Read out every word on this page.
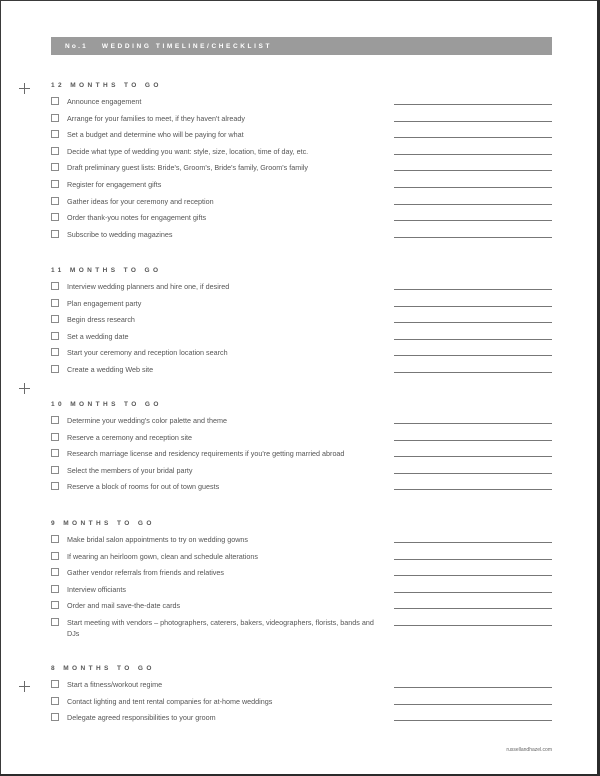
No.1 WEDDING TIMELINE/CHECKLIST
12 MONTHS TO GO
Announce engagement
Arrange for your families to meet, if they haven't already
Set a budget and determine who will be paying for what
Decide what type of wedding you want: style, size, location, time of day, etc.
Draft preliminary guest lists: Bride's, Groom's, Bride's family, Groom's family
Register for engagement gifts
Gather ideas for your ceremony and reception
Order thank-you notes for engagement gifts
Subscribe to wedding magazines
11 MONTHS TO GO
Interview wedding planners and hire one, if desired
Plan engagement party
Begin dress research
Set a wedding date
Start your ceremony and reception location search
Create a wedding Web site
10 MONTHS TO GO
Determine your wedding's color palette and theme
Reserve a ceremony and reception site
Research marriage license and residency requirements if you're getting married abroad
Select the members of your bridal party
Reserve a block of rooms for out of town guests
9 MONTHS TO GO
Make bridal salon appointments to try on wedding gowns
If wearing an heirloom gown, clean and schedule alterations
Gather vendor referrals from friends and relatives
Interview officiants
Order and mail save-the-date cards
Start meeting with vendors – photographers, caterers, bakers, videographers, florists, bands and DJs
8 MONTHS TO GO
Start a fitness/workout regime
Contact lighting and tent rental companies for at-home weddings
Delegate agreed responsibilities to your groom
russellandhazel.com
